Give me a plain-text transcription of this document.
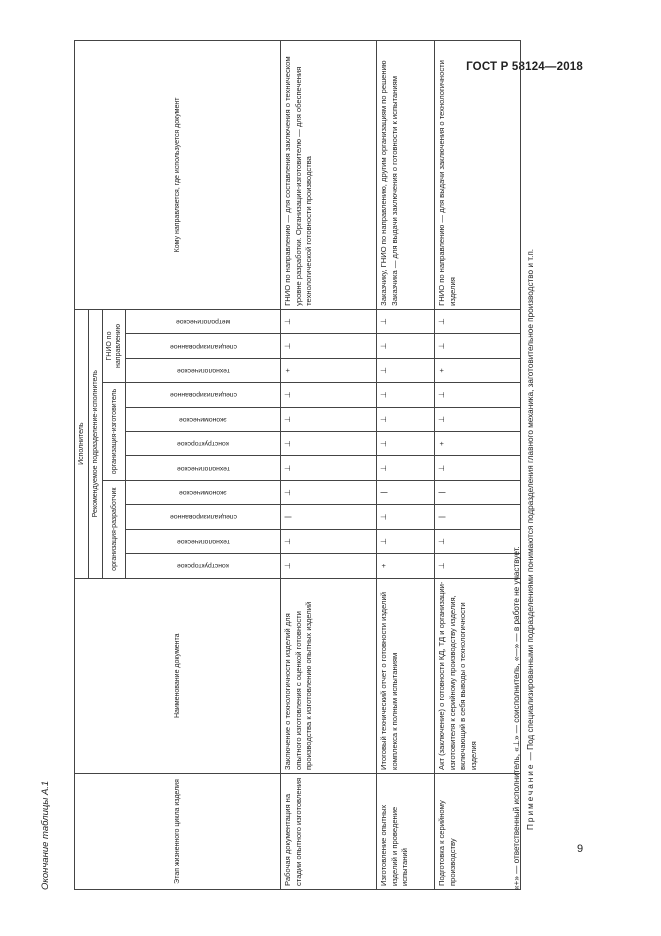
ГОСТ Р 58124—2018
9
Окончание таблицы А.1	Этап жизненного цикла изделия	Наименование документа	Исполнитель											Кому направляется, где используется документ
		Рекомендуемое подразделение-исполнитель											
		организация-разработчик				организация-изготовитель				ГНИО по направлению			

		конструкторское	технологическое	специализированное	экономическое	технологическое	конструкторское	экономическое	специализированное	технологическое	специализированное	метрологическое	

Рабочая документация на стадии опытного изготовления	Заключение о технологичности изделий для опытного изготовления с оценкой готовности производства к изготовлению опытных изделий	⊥	⊥	|	⊥	⊥	⊥	⊥	⊥	+	⊥	⊥	ГНИО по направлению — для составления заключения о техническом уровне разработки. Организации-изготовителю — для обеспечения технологической готовности производства
Изготовление опытных изделий и проведение испытаний	Итоговый технический отчет о готовности изделий комплекса к полным испытаниям	+	⊥	⊥	|	⊥	⊥	⊥	⊥	⊥	⊥	⊥	Заказчику, ГНИО по направлению, другим организациям по решению Заказчика — для выдачи заключения о готовности к испытаниям
Подготовка к серийному производству	Акт (заключение) о готовности КД, ТД и организации-изготовителя к серийному производству изделия, включающий в себя выводы о технологичности изделия	⊥	⊥	|	|	⊥	+	⊥	⊥	+	⊥	⊥	ГНИО по направлению — для выдачи заключения о технологичности изделия
«+» — ответственный исполнитель, «⊥» — соисполнитель, «—» — в работе не участвует. Примечание — Под специализированными подразделениями понимаются подразделения главного механика, заготовительное производство и т.п.
